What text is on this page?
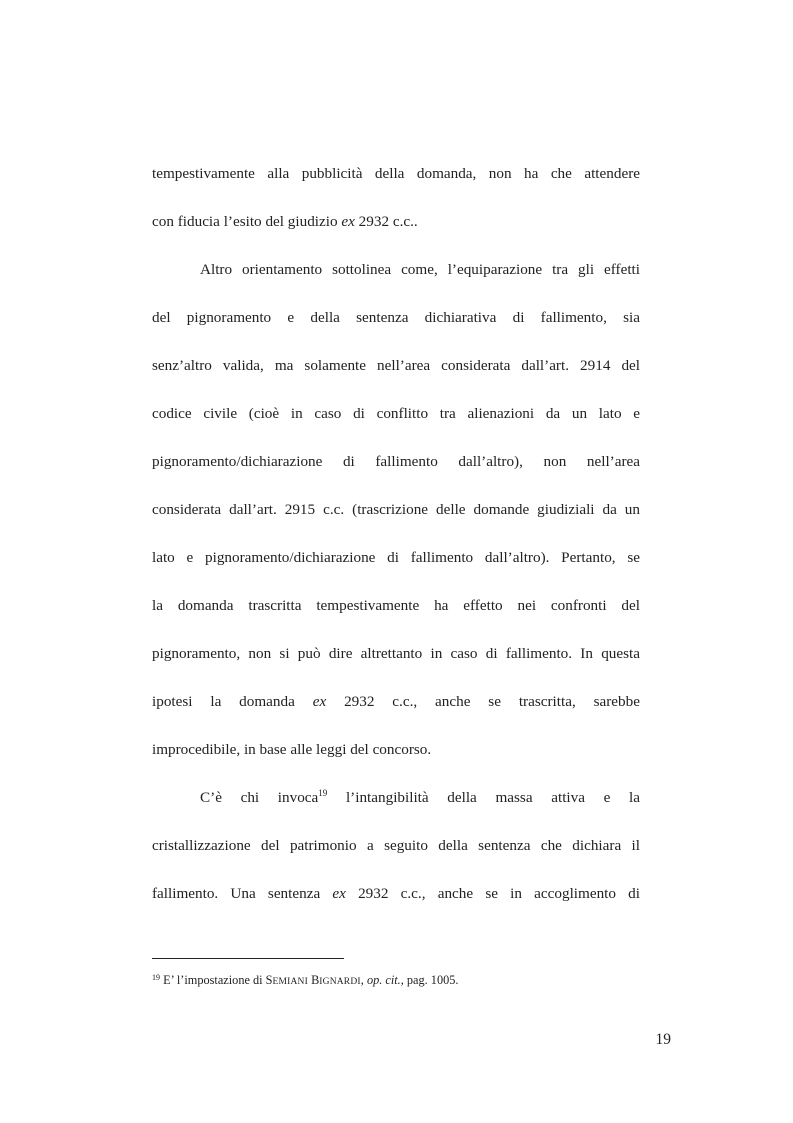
tempestivamente alla pubblicità della domanda, non ha che attendere
con fiducia l’esito del giudizio ex 2932 c.c..
Altro orientamento sottolinea come, l’equiparazione tra gli effetti
del pignoramento e della sentenza dichiarativa di fallimento, sia
senz’altro valida, ma solamente nell’area considerata dall’art. 2914 del
codice civile (cioè in caso di conflitto tra alienazioni da un lato e
pignoramento/dichiarazione di fallimento dall’altro), non nell’area
considerata dall’art. 2915 c.c. (trascrizione delle domande giudiziali da un
lato e pignoramento/dichiarazione di fallimento dall’altro). Pertanto, se
la domanda trascritta tempestivamente ha effetto nei confronti del
pignoramento, non si può dire altrettanto in caso di fallimento. In questa
ipotesi la domanda ex 2932 c.c., anche se trascritta, sarebbe
improcedibile, in base alle leggi del concorso.
C’è chi invoca$^{19}$ l’intangibilità della massa attiva e la
cristallizzazione del patrimonio a seguito della sentenza che dichiara il
fallimento. Una sentenza ex 2932 c.c., anche se in accoglimento di
$^{19}$ E’ l’impostazione di SEMIANI BIGNARDI, op. cit., pag. 1005.
19
